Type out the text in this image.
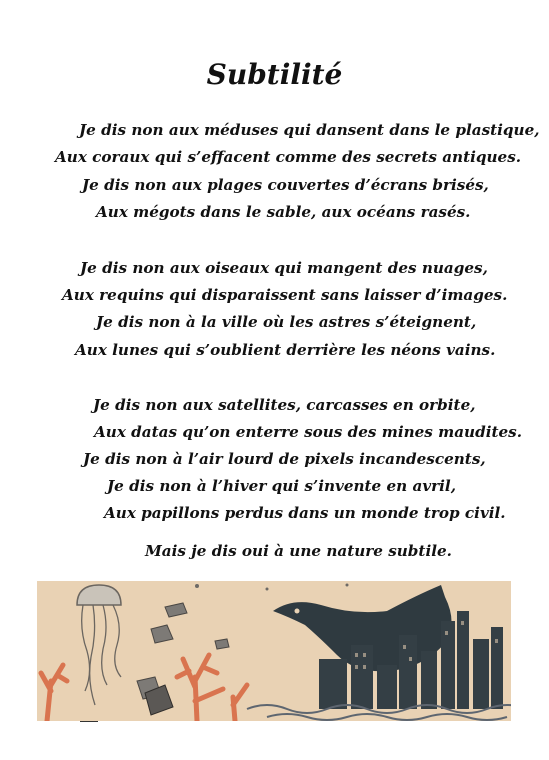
Subtilité
Je dis non aux méduses qui dansent dans le plastique,
Aux coraux qui s’effacent comme des secrets antiques.
Je dis non aux plages couvertes d’écrans brisés,
Aux mégots dans le sable, aux océans rasés.
Je dis non aux oiseaux qui mangent des nuages,
Aux requins qui disparaissent sans laisser d’images.
Je dis non à la ville où les astres s’éteignent,
Aux lunes qui s’oublient derrière les néons vains.
Je dis non aux satellites, carcasses en orbite,
Aux datas qu’on enterre sous des mines maudites.
Je dis non à l’air lourd de pixels incandescents,
Je dis non à l’hiver qui s’invente en avril,
Aux papillons perdus dans un monde trop civil.
Mais je dis oui à une nature subtile.
